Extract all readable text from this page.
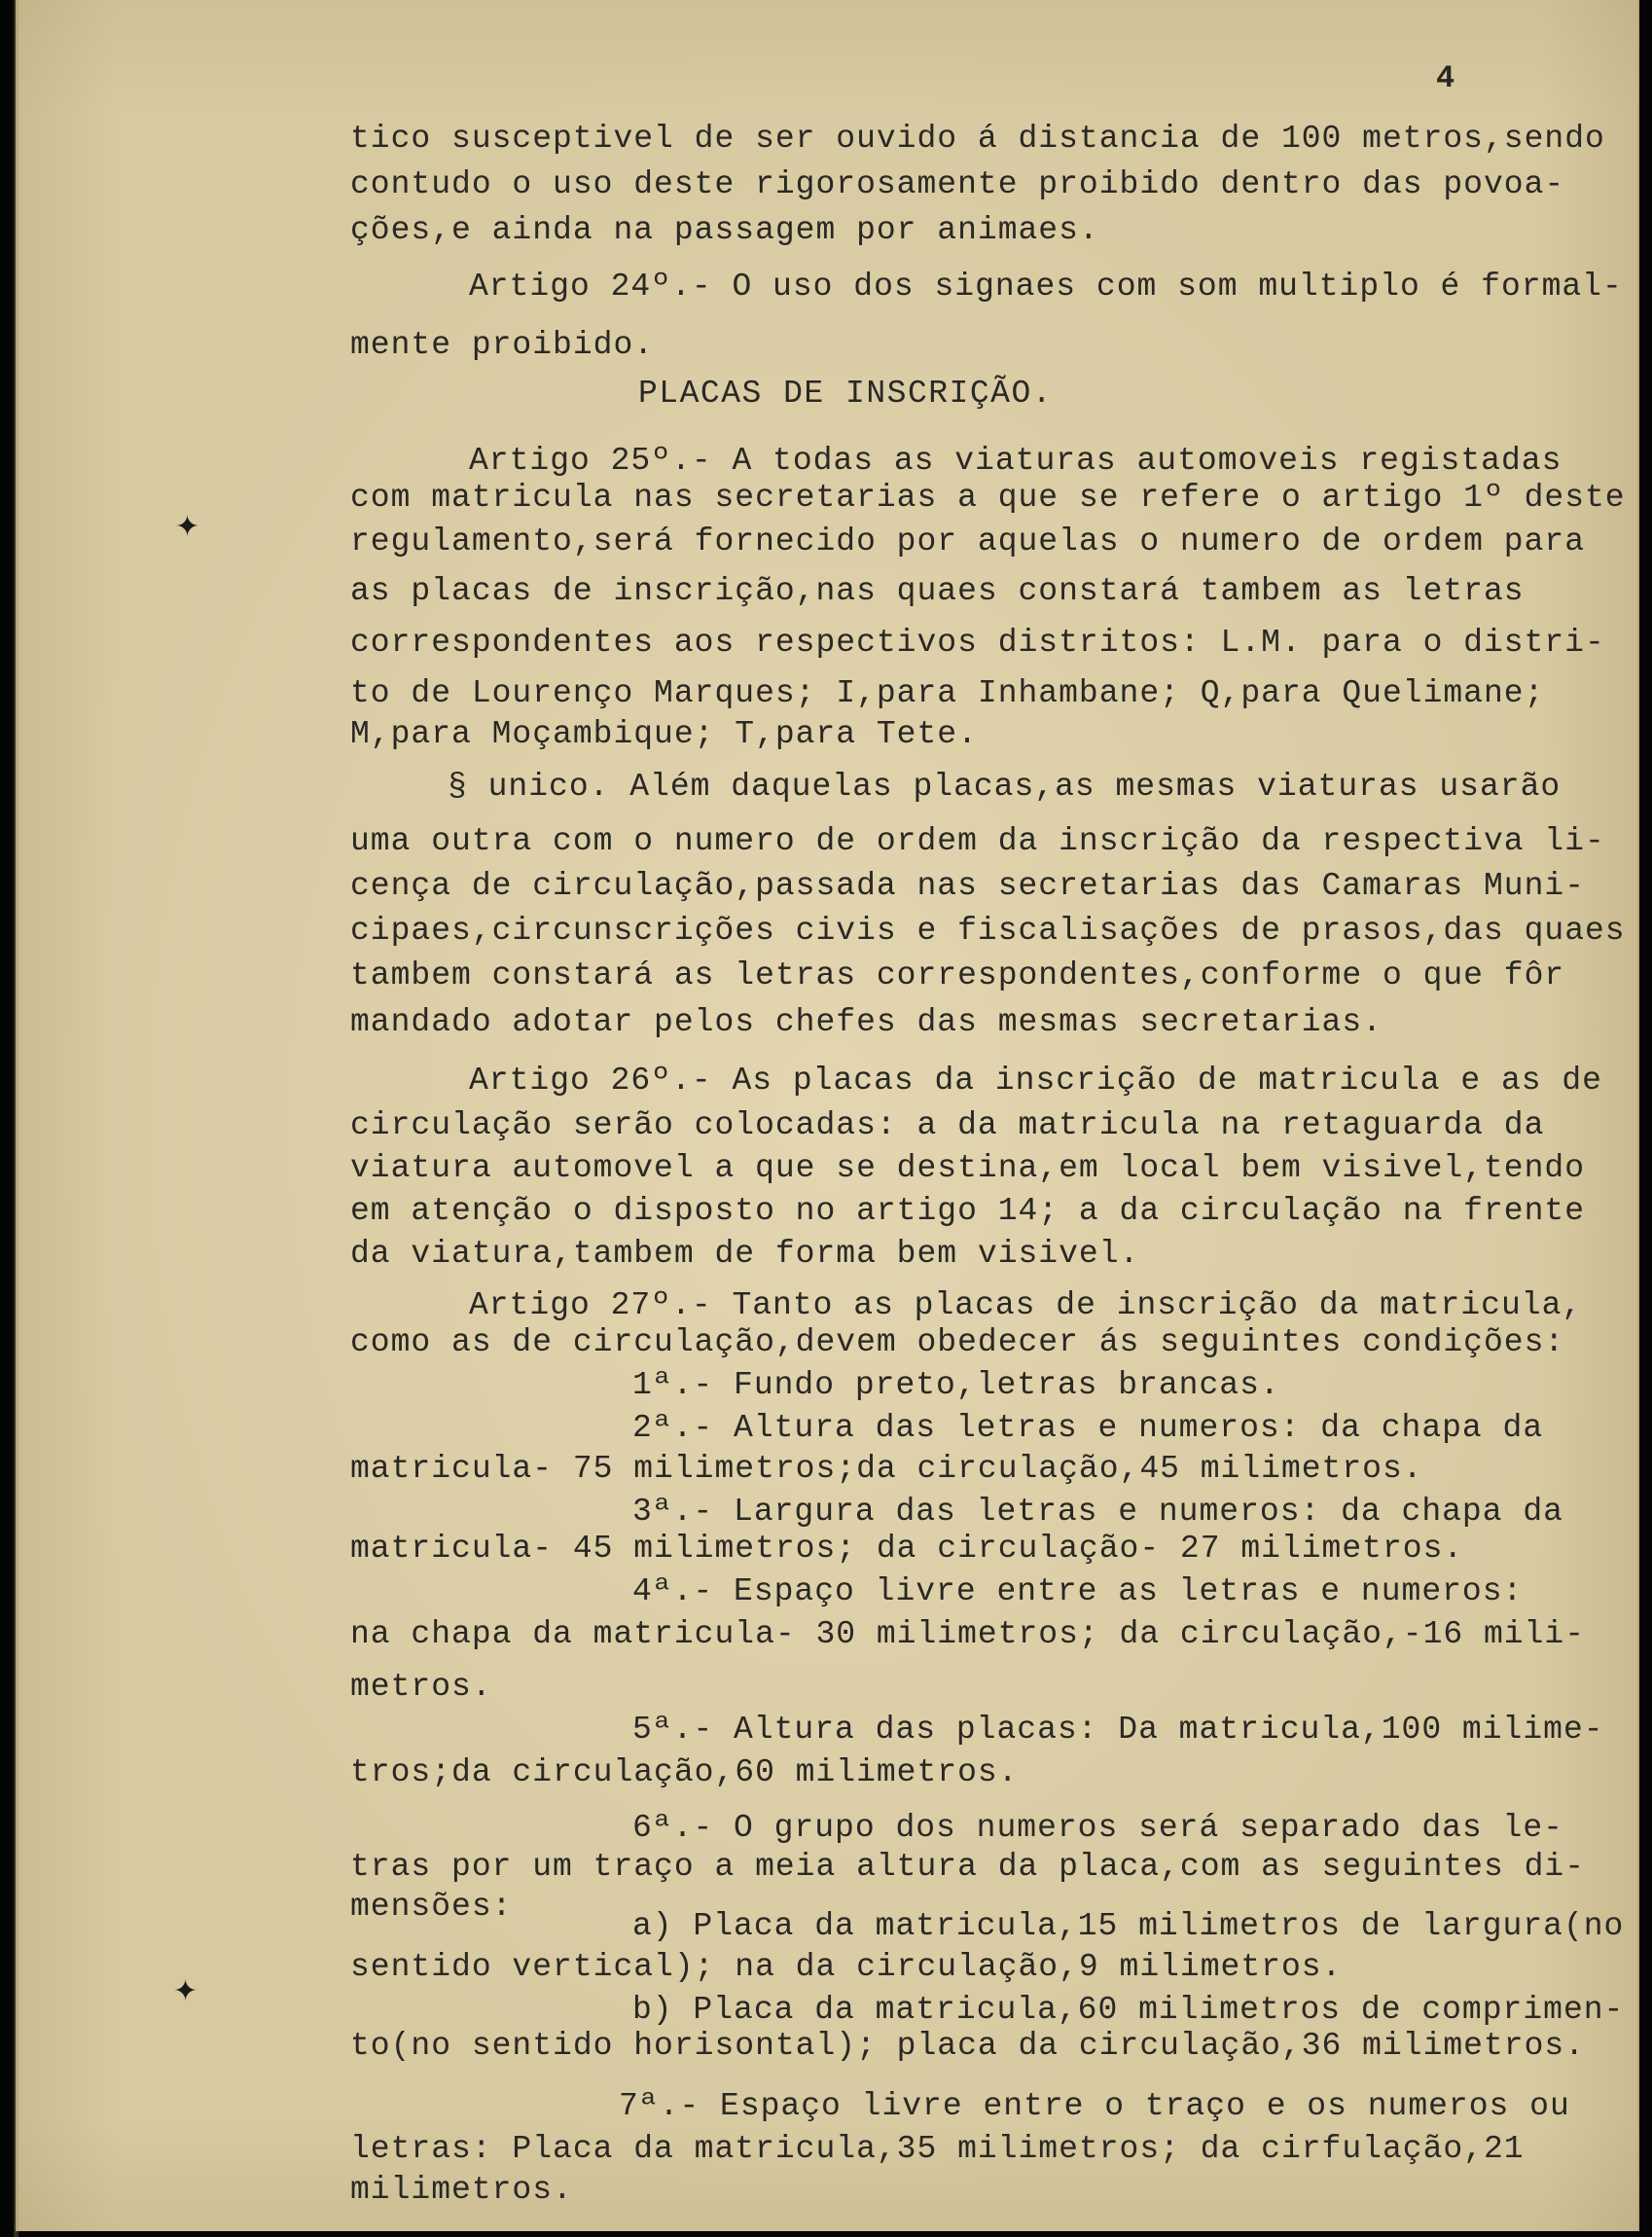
✦
✦

4

tico susceptivel de ser ouvido á distancia de 100 metros,sendo

contudo o uso deste rigorosamente proibido dentro das povoa-

ções,e ainda na passagem por animaes.

Artigo 24º.- O uso dos signaes com som multiplo é formal-

mente proibido.

PLACAS DE INSCRIÇÃO.

Artigo 25º.- A todas as viaturas automoveis registadas

com matricula nas secretarias a que se refere o artigo 1º deste

regulamento,será fornecido por aquelas o numero de ordem para

as placas de inscrição,nas quaes constará tambem as letras

correspondentes aos respectivos distritos: L.M. para o distri-

to de Lourenço Marques; I,para Inhambane; Q,para Quelimane;

M,para Moçambique; T,para Tete.

§ unico. Além daquelas placas,as mesmas viaturas usarão

uma outra com o numero de ordem da inscrição da respectiva li-

cença de circulação,passada nas secretarias das Camaras Muni-

cipaes,circunscrições civis e fiscalisações de prasos,das quaes

tambem constará as letras correspondentes,conforme o que fôr

mandado adotar pelos chefes das mesmas secretarias.

Artigo 26º.- As placas da inscrição de matricula e as de

circulação serão colocadas: a da matricula na retaguarda da

viatura automovel a que se destina,em local bem visivel,tendo

em atenção o disposto no artigo 14; a da circulação na frente

da viatura,tambem de forma bem visivel.

Artigo 27º.- Tanto as placas de inscrição da matricula,

como as de circulação,devem obedecer ás seguintes condições:

1ª.- Fundo preto,letras brancas.

2ª.- Altura das letras e numeros: da chapa da

matricula- 75 milimetros;da circulação,45 milimetros.

3ª.- Largura das letras e numeros: da chapa da

matricula- 45 milimetros; da circulação- 27 milimetros.

4ª.- Espaço livre entre as letras e numeros:

na chapa da matricula- 30 milimetros; da circulação,-16 mili-

metros.

5ª.- Altura das placas: Da matricula,100 milime-

tros;da circulação,60 milimetros.

6ª.- O grupo dos numeros será separado das le-

tras por um traço a meia altura da placa,com as seguintes di-

mensões:

a) Placa da matricula,15 milimetros de largura(no

sentido vertical); na da circulação,9 milimetros.

b) Placa da matricula,60 milimetros de comprimen-

to(no sentido horisontal); placa da circulação,36 milimetros.

7ª.- Espaço livre entre o traço e os numeros ou

letras: Placa da matricula,35 milimetros; da cirfulação,21

milimetros.
